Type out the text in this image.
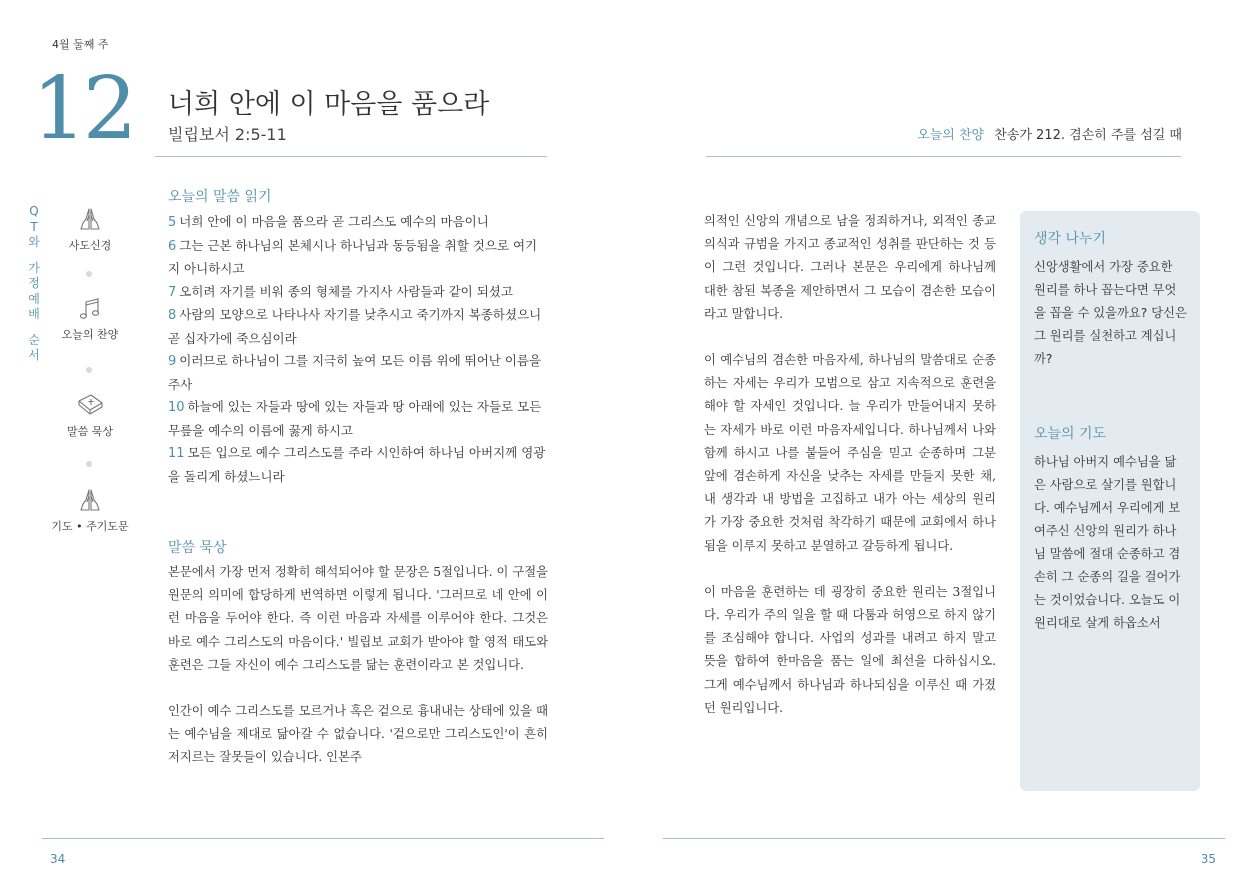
4월 둘째 주
12 너희 안에 이 마음을 품으라
빌립보서 2:5-11	오늘의 찬양 찬송가 212. 겸손히 주를 섬길 때
Q
T
와
가
정
예
배
순
서
사도신경
오늘의 찬양
말씀 묵상
기도 • 주기도문
오늘의 말씀 읽기
5 너희 안에 이 마음을 품으라 곧 그리스도 예수의 마음이니
6 그는 근본 하나님의 본체시나 하나님과 동등됨을 취할 것으로 여기지 아니하시고
7 오히려 자기를 비워 종의 형체를 가지사 사람들과 같이 되셨고
8 사람의 모양으로 나타나사 자기를 낮추시고 죽기까지 복종하셨으니 곧 십자가에 죽으심이라
9 이러므로 하나님이 그를 지극히 높여 모든 이름 위에 뛰어난 이름을 주사
10 하늘에 있는 자들과 땅에 있는 자들과 땅 아래에 있는 자들로 모든 무릎을 예수의 이름에 꿇게 하시고
11 모든 입으로 예수 그리스도를 주라 시인하여 하나님 아버지께 영광을 돌리게 하셨느니라
말씀 묵상

본문에서 가장 먼저 정확히 해석되어야 할 문장은 5절입니다. 이 구절을 원문의 의미에 합당하게 번역하면 이렇게 됩니다. '그러므로 네 안에 이런 마음을 두어야 한다. 즉 이런 마음과 자세를 이루어야 한다. 그것은 바로 예수 그리스도의 마음이다.' 빌립보 교회가 받아야 할 영적 태도와 훈련은 그들 자신이 예수 그리스도를 닮는 훈련이라고 본 것입니다.

인간이 예수 그리스도를 모르거나 혹은 겉으로 흉내내는 상태에 있을 때는 예수님을 제대로 닮아갈 수 없습니다. '겉으로만 그리스도인'이 흔히 저지르는 잘못들이 있습니다. 인본주

의적인 신앙의 개념으로 남을 정죄하거나, 외적인 종교의식과 규범을 가지고 종교적인 성취를 판단하는 것 등이 그런 것입니다. 그러나 본문은 우리에게 하나님께 대한 참된 복종을 제안하면서 그 모습이 겸손한 모습이라고 말합니다.

이 예수님의 겸손한 마음자세, 하나님의 말씀대로 순종하는 자세는 우리가 모범으로 삼고 지속적으로 훈련을 해야 할 자세인 것입니다. 늘 우리가 만들어내지 못하는 자세가 바로 이런 마음자세입니다. 하나님께서 나와 함께 하시고 나를 붙들어 주심을 믿고 순종하며 그분 앞에 겸손하게 자신을 낮추는 자세를 만들지 못한 채, 내 생각과 내 방법을 고집하고 내가 아는 세상의 원리가 가장 중요한 것처럼 착각하기 때문에 교회에서 하나됨을 이루지 못하고 분열하고 갈등하게 됩니다.

이 마음을 훈련하는 데 굉장히 중요한 원리는 3절입니다. 우리가 주의 일을 할 때 다툼과 허영으로 하지 않기를 조심해야 합니다. 사업의 성과를 내려고 하지 말고 뜻을 합하여 한마음을 품는 일에 최선을 다하십시오. 그게 예수님께서 하나님과 하나되심을 이루신 때 가졌던 원리입니다.

생각 나누기
신앙생활에서 가장 중요한 원리를 하나 꼽는다면 무엇을 꼽을 수 있을까요? 당신은 그 원리를 실천하고 계십니까?
오늘의 기도
하나님 아버지 예수님을 닮은 사람으로 살기를 원합니다. 예수님께서 우리에게 보여주신 신앙의 원리가 하나님 말씀에 절대 순종하고 겸손히 그 순종의 길을 걸어가는 것이었습니다. 오늘도 이 원리대로 살게 하옵소서
34	35
